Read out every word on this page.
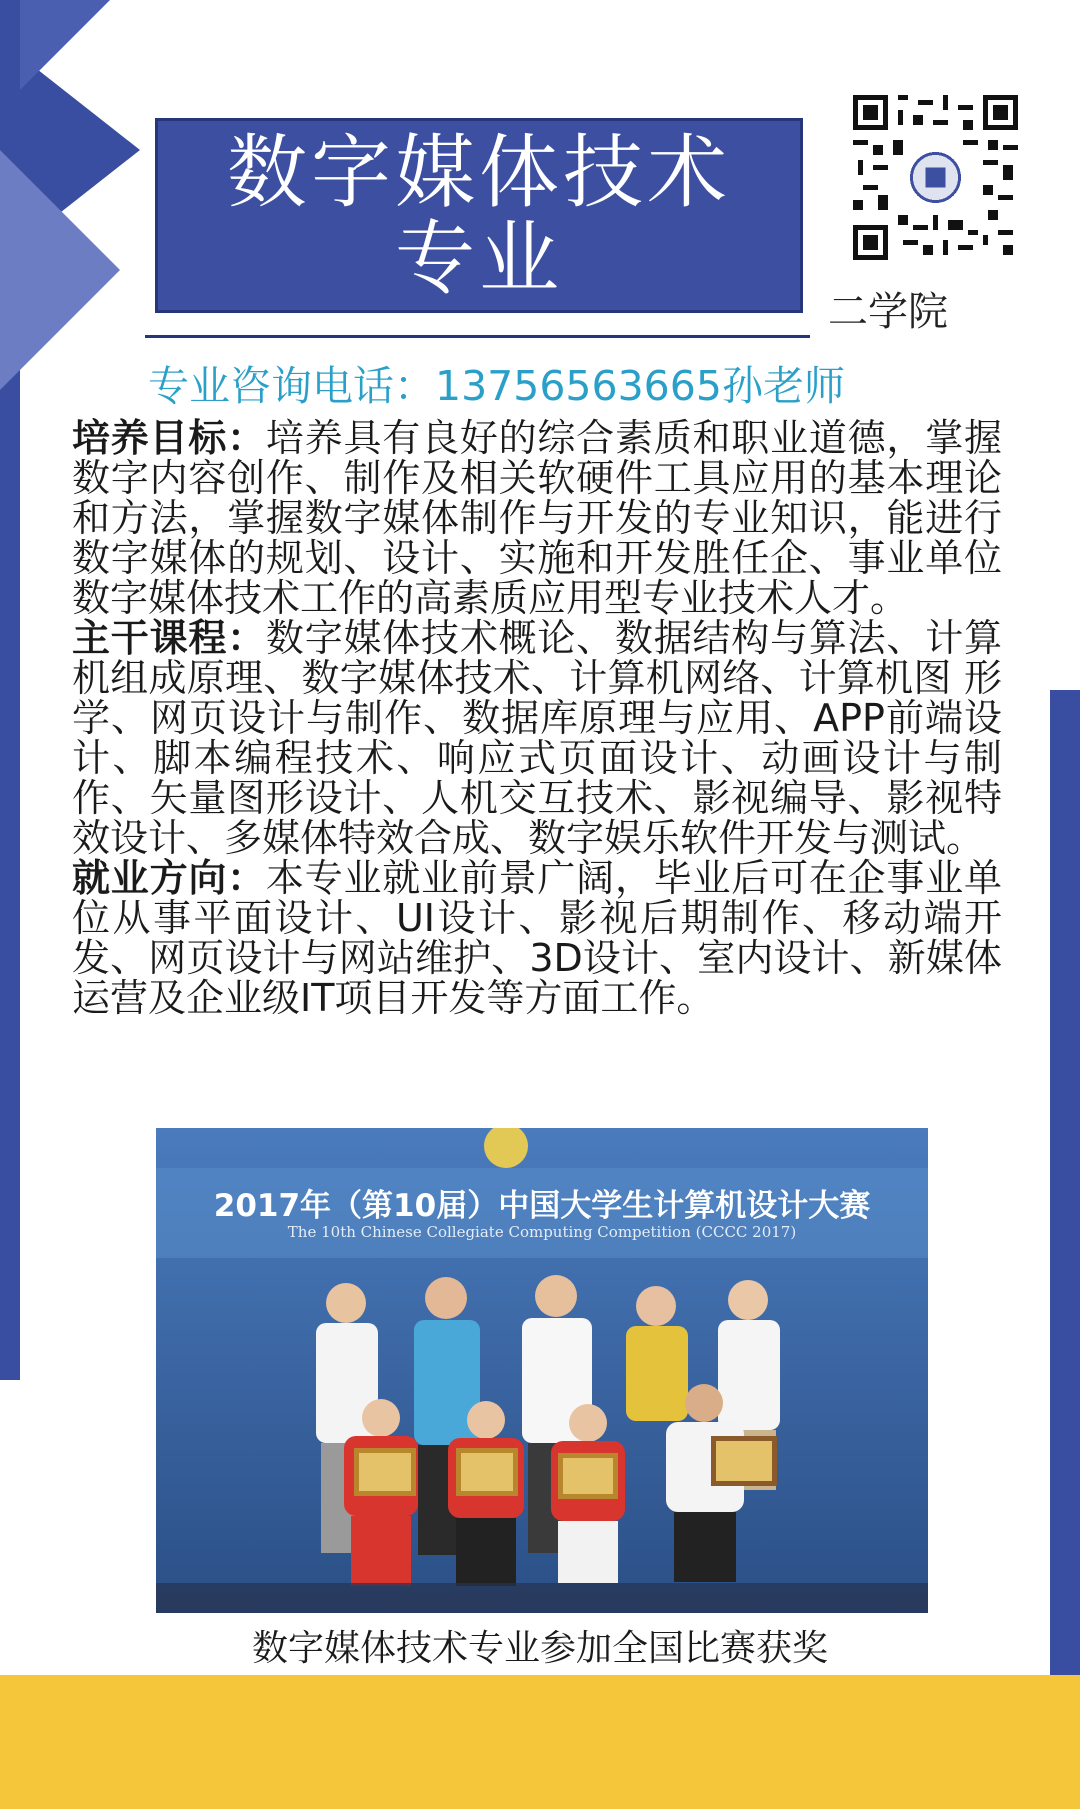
数字媒体技术
专业
二学院
专业咨询电话：13756563665孙老师

培养目标：培养具有良好的综合素质和职业道德，掌握数字内容创作、制作及相关软硬件工具应用的基本理论和方法，掌握数字媒体制作与开发的专业知识，能进行数字媒体的规划、设计、实施和开发胜任企、事业单位数字媒体技术工作的高素质应用型专业技术人才。

主干课程：数字媒体技术概论、数据结构与算法、计算机组成原理、数字媒体技术、计算机网络、计算机图 形学、网页设计与制作、数据库原理与应用、APP前端设计、脚本编程技术、响应式页面设计、动画设计与制作、矢量图形设计、人机交互技术、影视编导、影视特效设计、多媒体特效合成、数字娱乐软件开发与测试。

就业方向：本专业就业前景广阔，毕业后可在企事业单位从事平面设计、UI设计、影视后期制作、移动端开发、网页设计与网站维护、3D设计、室内设计、新媒体运营及企业级IT项目开发等方面工作。

2017年（第10届）中国大学生计算机设计大赛
The 10th Chinese Collegiate Computing Competition (CCCC 2017)
数字媒体技术专业参加全国比赛获奖
